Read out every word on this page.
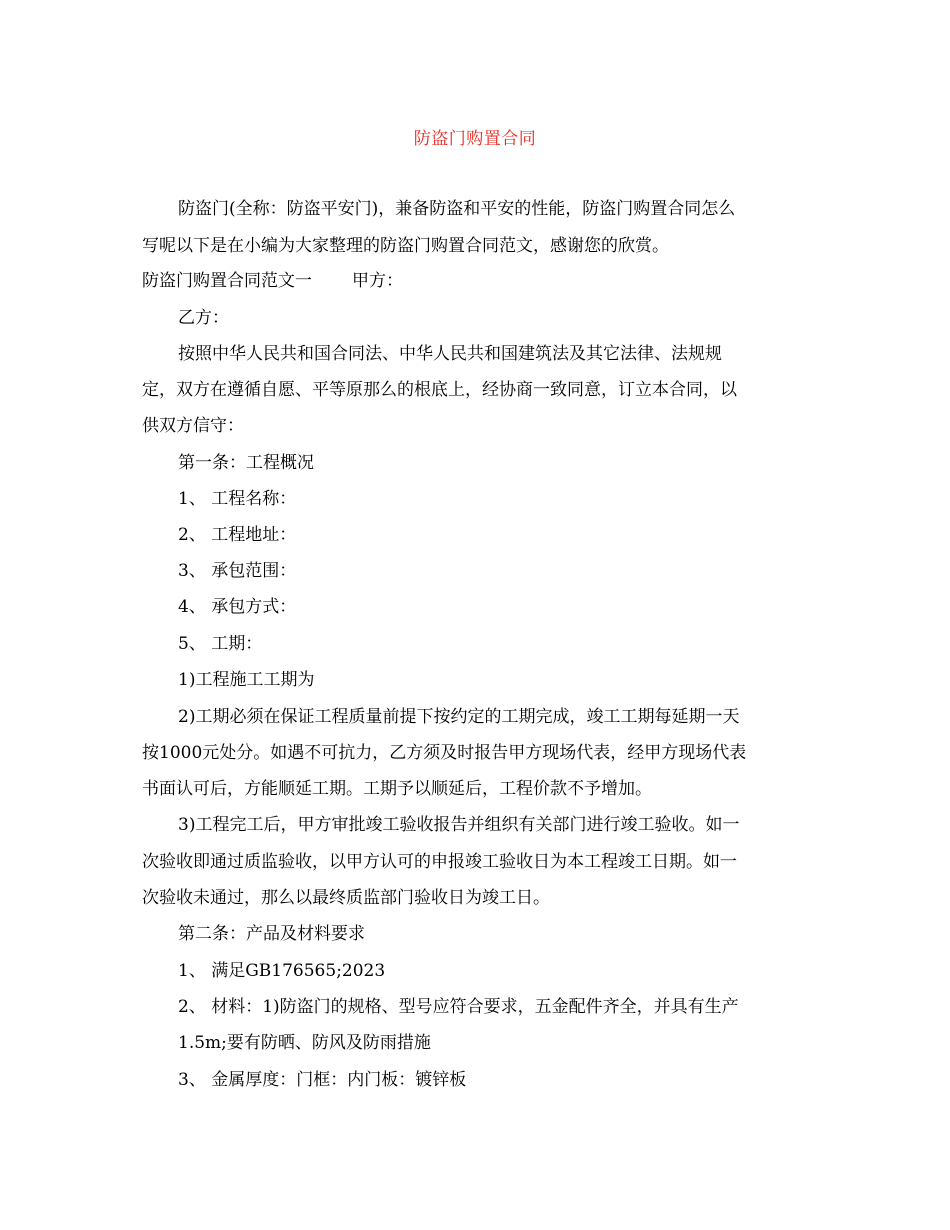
防盗门购置合同
防盗门(全称：防盗平安门)，兼备防盗和平安的性能，防盗门购置合同怎么
写呢以下是在小编为大家整理的防盗门购置合同范文，感谢您的欣赏。
防盗门购置合同范文一 甲方：
乙方：
按照中华人民共和国合同法、中华人民共和国建筑法及其它法律、法规规
定，双方在遵循自愿、平等原那么的根底上，经协商一致同意，订立本合同，以
供双方信守：
第一条：工程概况
1、 工程名称：
2、 工程地址：
3、 承包范围：
4、 承包方式：
5、 工期：
1)工程施工工期为
2)工期必须在保证工程质量前提下按约定的工期完成，竣工工期每延期一天
按1000元处分。如遇不可抗力，乙方须及时报告甲方现场代表，经甲方现场代表
书面认可后，方能顺延工期。工期予以顺延后，工程价款不予增加。
3)工程完工后，甲方审批竣工验收报告并组织有关部门进行竣工验收。如一
次验收即通过质监验收，以甲方认可的申报竣工验收日为本工程竣工日期。如一
次验收未通过，那么以最终质监部门验收日为竣工日。
第二条：产品及材料要求
1、 满足GB176565;2023
2、 材料：1)防盗门的规格、型号应符合要求，五金配件齐全，并具有生产
1.5m;要有防晒、防风及防雨措施
3、 金属厚度：门框：内门板：镀锌板
